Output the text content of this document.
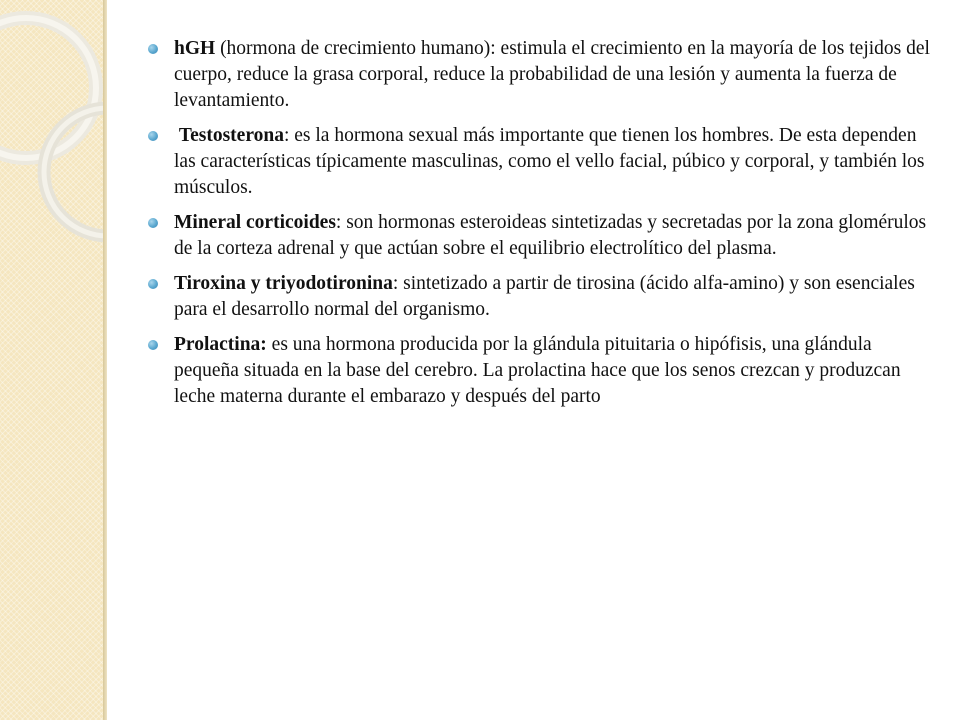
hGH (hormona de crecimiento humano): estimula el crecimiento en la mayoría de los tejidos del cuerpo, reduce la grasa corporal, reduce la probabilidad de una lesión y aumenta la fuerza de levantamiento.
Testosterona: es la hormona sexual más importante que tienen los hombres. De esta dependen las características típicamente masculinas, como el vello facial, púbico y corporal, y también los músculos.
Mineral corticoides: son hormonas esteroideas sintetizadas y secretadas por la zona glomérulos de la corteza adrenal y que actúan sobre el equilibrio electrolítico del plasma.
Tiroxina y triyodotironina: sintetizado a partir de tirosina (ácido alfa-amino) y son esenciales para el desarrollo normal del organismo.
Prolactina: es una hormona producida por la glándula pituitaria o hipófisis, una glándula pequeña situada en la base del cerebro. La prolactina hace que los senos crezcan y produzcan leche materna durante el embarazo y después del parto
